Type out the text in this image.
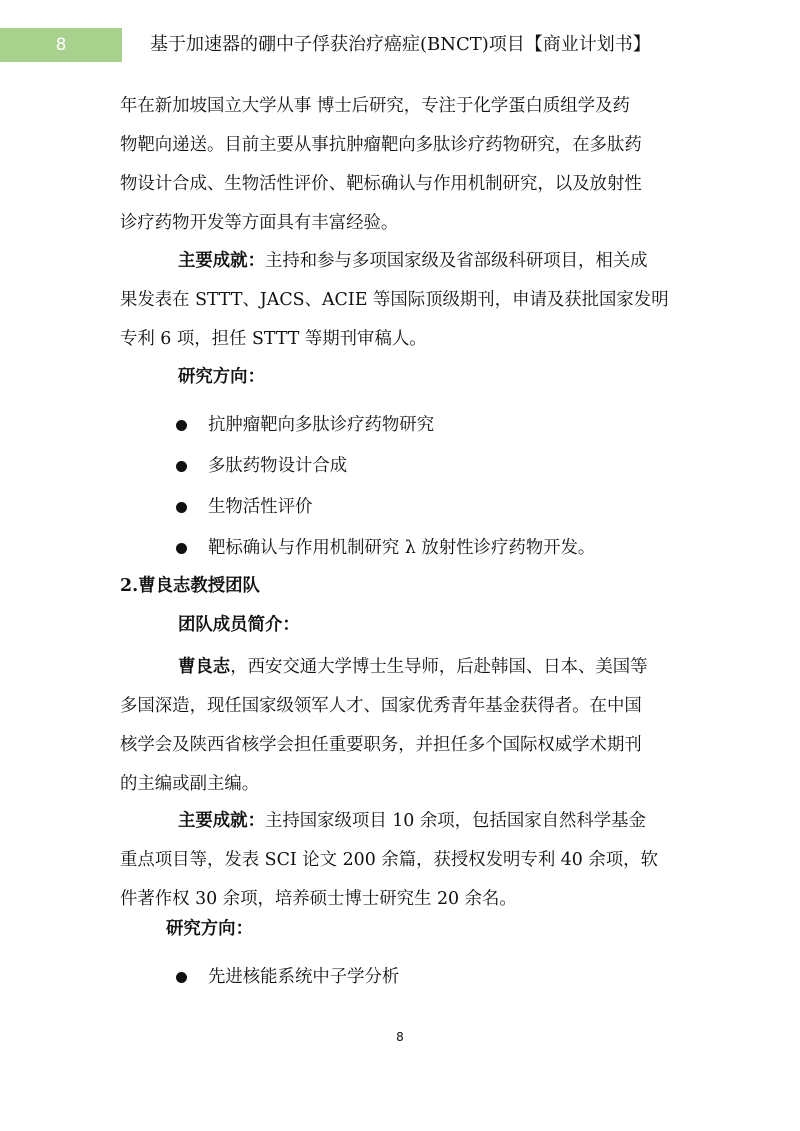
8	基于加速器的硼中子俘获治疗癌症(BNCT)项目【商业计划书】

年在新加坡国立大学从事 博士后研究，专注于化学蛋白质组学及药
物靶向递送。目前主要从事抗肿瘤靶向多肽诊疗药物研究，在多肽药
物设计合成、生物活性评价、靶标确认与作用机制研究，以及放射性
诊疗药物开发等方面具有丰富经验。

主要成就：主持和参与多项国家级及省部级科研项目，相关成
果发表在 STTT、JACS、ACIE 等国际顶级期刊，申请及获批国家发明
专利 6 项，担任 STTT 等期刊审稿人。

研究方向：
抗肿瘤靶向多肽诊疗药物研究
多肽药物设计合成
生物活性评价
靶标确认与作用机制研究 λ 放射性诊疗药物开发。
2.曹良志教授团队
团队成员简介：

曹良志，西安交通大学博士生导师，后赴韩国、日本、美国等
多国深造，现任国家级领军人才、国家优秀青年基金获得者。在中国
核学会及陕西省核学会担任重要职务，并担任多个国际权威学术期刊
的主编或副主编。

主要成就：主持国家级项目 10 余项，包括国家自然科学基金
重点项目等，发表 SCI 论文 200 余篇，获授权发明专利 40 余项，软
件著作权 30 余项，培养硕士博士研究生 20 余名。

研究方向：
先进核能系统中子学分析
8
